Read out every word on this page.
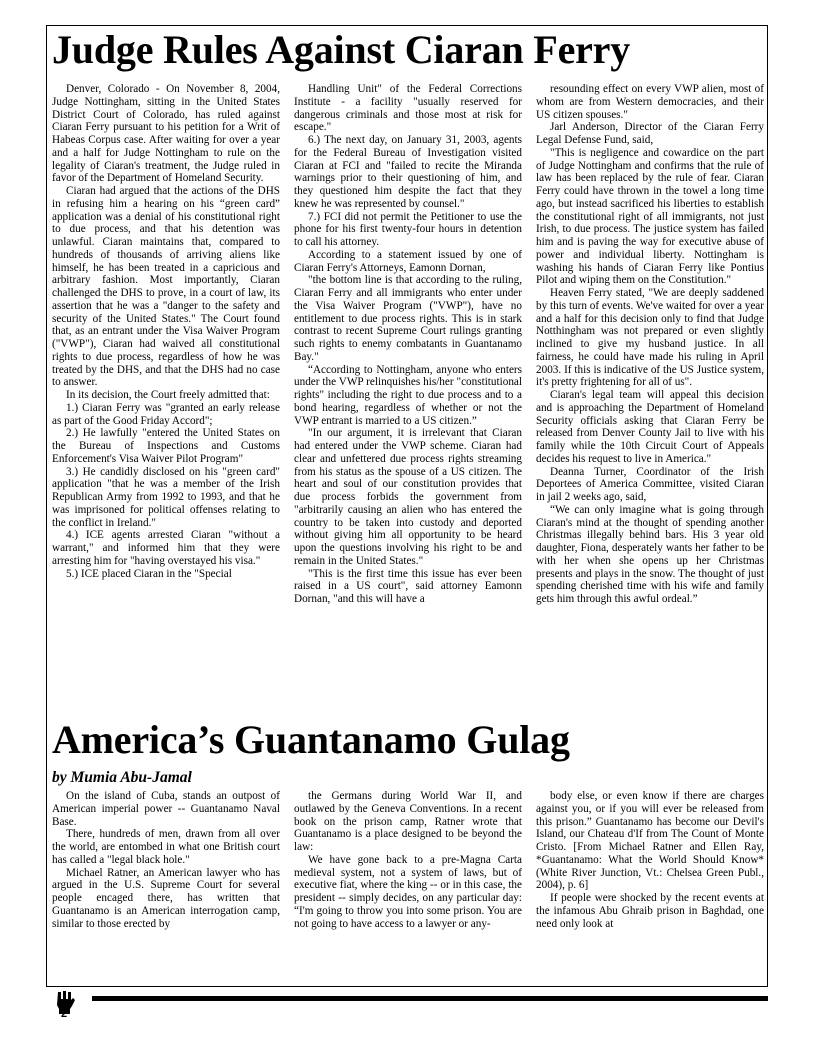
Judge Rules Against Ciaran Ferry

Denver, Colorado - On November 8, 2004, Judge Nottingham, sitting in the United States District Court of Colorado, has ruled against Ciaran Ferry pursuant to his petition for a Writ of Habeas Corpus case. After waiting for over a year and a half for Judge Nottingham to rule on the legality of Ciaran's treatment, the Judge ruled in favor of the Department of Homeland Security.

Ciaran had argued that the actions of the DHS in refusing him a hearing on his “green card” application was a denial of his constitutional right to due process, and that his detention was unlawful. Ciaran maintains that, compared to hundreds of thousands of arriving aliens like himself, he has been treated in a capricious and arbitrary fashion. Most importantly, Ciaran challenged the DHS to prove, in a court of law, its assertion that he was a "danger to the safety and security of the United States." The Court found that, as an entrant under the Visa Waiver Program ("VWP"), Ciaran had waived all constitutional rights to due process, regardless of how he was treated by the DHS, and that the DHS had no case to answer.

In its decision, the Court freely admitted that:

1.) Ciaran Ferry was "granted an early release as part of the Good Friday Accord";

2.) He lawfully "entered the United States on the Bureau of Inspections and Customs Enforcement's Visa Waiver Pilot Program"

3.) He candidly disclosed on his "green card" application "that he was a member of the Irish Republican Army from 1992 to 1993, and that he was imprisoned for political offenses relating to the conflict in Ireland."

4.) ICE agents arrested Ciaran "without a warrant," and informed him that they were arresting him for "having overstayed his visa."

5.) ICE placed Ciaran in the "Special

Handling Unit" of the Federal Corrections Institute - a facility "usually reserved for dangerous criminals and those most at risk for escape."

6.) The next day, on January 31, 2003, agents for the Federal Bureau of Investigation visited Ciaran at FCI and "failed to recite the Miranda warnings prior to their questioning of him, and they questioned him despite the fact that they knew he was represented by counsel."

7.) FCI did not permit the Petitioner to use the phone for his first twenty-four hours in detention to call his attorney.

According to a statement issued by one of Ciaran Ferry's Attorneys, Eamonn Dornan,

"the bottom line is that according to the ruling, Ciaran Ferry and all immigrants who enter under the Visa Waiver Program ("VWP"), have no entitlement to due process rights. This is in stark contrast to recent Supreme Court rulings granting such rights to enemy combatants in Guantanamo Bay."

“According to Nottingham, anyone who enters under the VWP relinquishes his/her "constitutional rights" including the right to due process and to a bond hearing, regardless of whether or not the VWP entrant is married to a US citizen.”

"In our argument, it is irrelevant that Ciaran had entered under the VWP scheme. Ciaran had clear and unfettered due process rights streaming from his status as the spouse of a US citizen. The heart and soul of our constitution provides that due process forbids the government from "arbitrarily causing an alien who has entered the country to be taken into custody and deported without giving him all opportunity to be heard upon the questions involving his right to be and remain in the United States."

"This is the first time this issue has ever been raised in a US court", said attorney Eamonn Dornan, "and this will have a

resounding effect on every VWP alien, most of whom are from Western democracies, and their US citizen spouses."

Jarl Anderson, Director of the Ciaran Ferry Legal Defense Fund, said,

"This is negligence and cowardice on the part of Judge Nottingham and confirms that the rule of law has been replaced by the rule of fear. Ciaran Ferry could have thrown in the towel a long time ago, but instead sacrificed his liberties to establish the constitutional right of all immigrants, not just Irish, to due process. The justice system has failed him and is paving the way for executive abuse of power and individual liberty. Nottingham is washing his hands of Ciaran Ferry like Pontius Pilot and wiping them on the Constitution."

Heaven Ferry stated, "We are deeply saddened by this turn of events. We've waited for over a year and a half for this decision only to find that Judge Notthingham was not prepared or even slightly inclined to give my husband justice. In all fairness, he could have made his ruling in April 2003. If this is indicative of the US Justice system, it's pretty frightening for all of us".

Ciaran's legal team will appeal this decision and is approaching the Department of Homeland Security officials asking that Ciaran Ferry be released from Denver County Jail to live with his family while the 10th Circuit Court of Appeals decides his request to live in America."

Deanna Turner, Coordinator of the Irish Deportees of America Committee, visited Ciaran in jail 2 weeks ago, said,

“We can only imagine what is going through Ciaran's mind at the thought of spending another Christmas illegally behind bars. His 3 year old daughter, Fiona, desperately wants her father to be with her when she opens up her Christmas presents and plays in the snow. The thought of just spending cherished time with his wife and family gets him through this awful ordeal.”

America’s Guantanamo Gulag

by Mumia Abu-Jamal

On the island of Cuba, stands an outpost of American imperial power -- Guantanamo Naval Base.

There, hundreds of men, drawn from all over the world, are entombed in what one British court has called a "legal black hole."

Michael Ratner, an American lawyer who has argued in the U.S. Supreme Court for several people encaged there, has written that Guantanamo is an American interrogation camp, similar to those erected by

the Germans during World War II, and outlawed by the Geneva Conventions. In a recent book on the prison camp, Ratner wrote that Guantanamo is a place designed to be beyond the law:

We have gone back to a pre-Magna Carta medieval system, not a system of laws, but of executive fiat, where the king -- or in this case, the president -- simply decides, on any particular day: “I'm going to throw you into some prison. You are not going to have access to a lawyer or any-

body else, or even know if there are charges against you, or if you will ever be released from this prison.” Guantanamo has become our Devil's Island, our Chateau d'If from The Count of Monte Cristo. [From Michael Ratner and Ellen Ray, *Guantanamo: What the World Should Know* (White River Junction, Vt.: Chelsea Green Publ., 2004), p. 6]

If people were shocked by the recent events at the infamous Abu Ghraib prison in Baghdad, one need only look at

2
